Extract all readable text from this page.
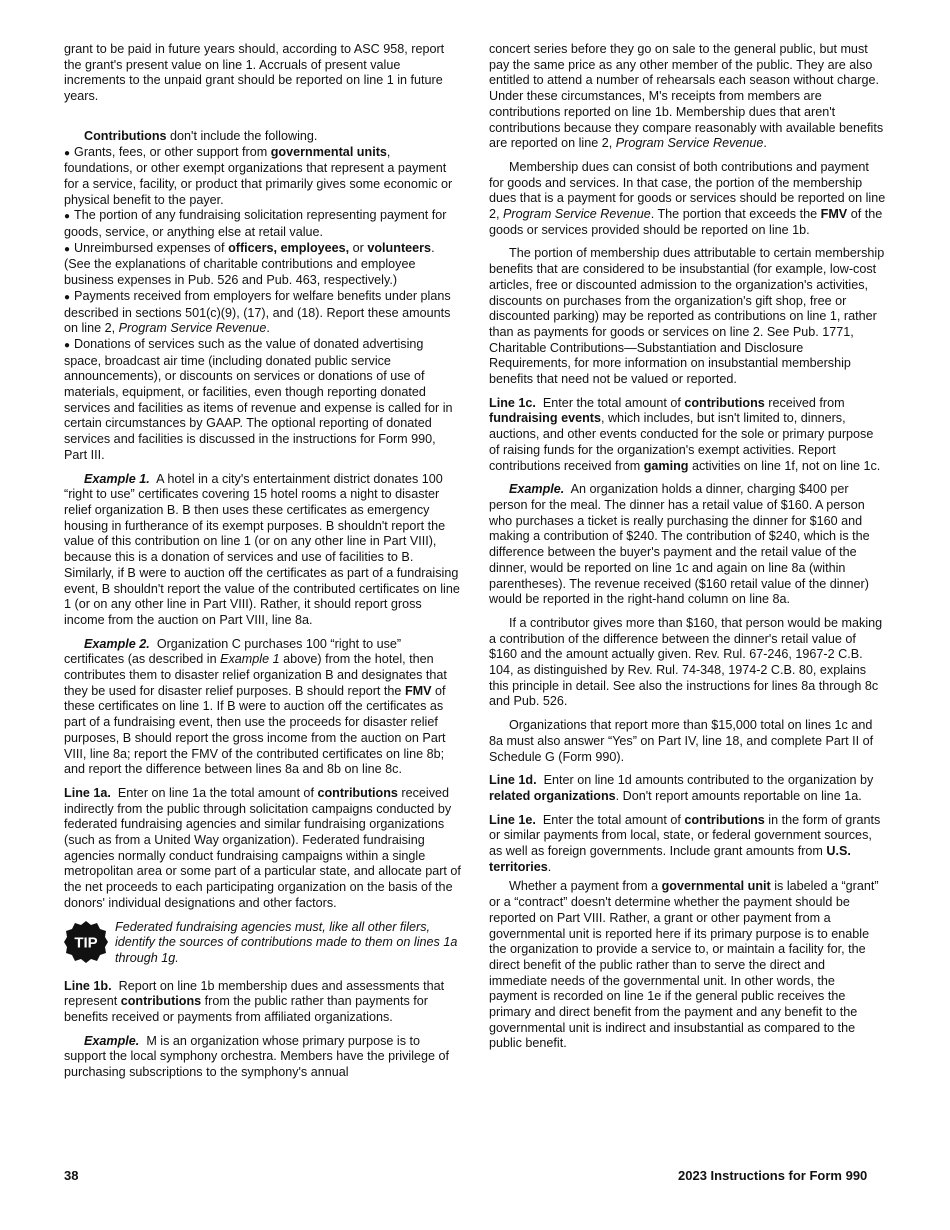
grant to be paid in future years should, according to ASC 958, report the grant's present value on line 1. Accruals of present value increments to the unpaid grant should be reported on line 1 in future years.

Contributions don't include the following.

● Grants, fees, or other support from governmental units, foundations, or other exempt organizations that represent a payment for a service, facility, or product that primarily gives some economic or physical benefit to the payer.

● The portion of any fundraising solicitation representing payment for goods, service, or anything else at retail value.

● Unreimbursed expenses of officers, employees, or volunteers. (See the explanations of charitable contributions and employee business expenses in Pub. 526 and Pub. 463, respectively.)

● Payments received from employers for welfare benefits under plans described in sections 501(c)(9), (17), and (18). Report these amounts on line 2, Program Service Revenue.

● Donations of services such as the value of donated advertising space, broadcast air time (including donated public service announcements), or discounts on services or donations of use of materials, equipment, or facilities, even though reporting donated services and facilities as items of revenue and expense is called for in certain circumstances by GAAP. The optional reporting of donated services and facilities is discussed in the instructions for Form 990, Part III.

Example 1. A hotel in a city's entertainment district donates 100 “right to use” certificates covering 15 hotel rooms a night to disaster relief organization B. B then uses these certificates as emergency housing in furtherance of its exempt purposes. B shouldn't report the value of this contribution on line 1 (or on any other line in Part VIII), because this is a donation of services and use of facilities to B. Similarly, if B were to auction off the certificates as part of a fundraising event, B shouldn't report the value of the contributed certificates on line 1 (or on any other line in Part VIII). Rather, it should report gross income from the auction on Part VIII, line 8a.

Example 2. Organization C purchases 100 “right to use” certificates (as described in Example 1 above) from the hotel, then contributes them to disaster relief organization B and designates that they be used for disaster relief purposes. B should report the FMV of these certificates on line 1. If B were to auction off the certificates as part of a fundraising event, then use the proceeds for disaster relief purposes, B should report the gross income from the auction on Part VIII, line 8a; report the FMV of the contributed certificates on line 8b; and report the difference between lines 8a and 8b on line 8c.

Line 1a. Enter on line 1a the total amount of contributions received indirectly from the public through solicitation campaigns conducted by federated fundraising agencies and similar fundraising organizations (such as from a United Way organization). Federated fundraising agencies normally conduct fundraising campaigns within a single metropolitan area or some part of a particular state, and allocate part of the net proceeds to each participating organization on the basis of the donors' individual designations and other factors.

TIP
Federated fundraising agencies must, like all other filers, identify the sources of contributions made to them on lines 1a through 1g.

Line 1b. Report on line 1b membership dues and assessments that represent contributions from the public rather than payments for benefits received or payments from affiliated organizations.

Example. M is an organization whose primary purpose is to support the local symphony orchestra. Members have the privilege of purchasing subscriptions to the symphony's annual

concert series before they go on sale to the general public, but must pay the same price as any other member of the public. They are also entitled to attend a number of rehearsals each season without charge. Under these circumstances, M's receipts from members are contributions reported on line 1b. Membership dues that aren't contributions because they compare reasonably with available benefits are reported on line 2, Program Service Revenue.

Membership dues can consist of both contributions and payment for goods and services. In that case, the portion of the membership dues that is a payment for goods or services should be reported on line 2, Program Service Revenue. The portion that exceeds the FMV of the goods or services provided should be reported on line 1b.

The portion of membership dues attributable to certain membership benefits that are considered to be insubstantial (for example, low-cost articles, free or discounted admission to the organization's activities, discounts on purchases from the organization's gift shop, free or discounted parking) may be reported as contributions on line 1, rather than as payments for goods or services on line 2. See Pub. 1771, Charitable Contributions—Substantiation and Disclosure Requirements, for more information on insubstantial membership benefits that need not be valued or reported.

Line 1c. Enter the total amount of contributions received from fundraising events, which includes, but isn't limited to, dinners, auctions, and other events conducted for the sole or primary purpose of raising funds for the organization's exempt activities. Report contributions received from gaming activities on line 1f, not on line 1c.

Example. An organization holds a dinner, charging $400 per person for the meal. The dinner has a retail value of $160. A person who purchases a ticket is really purchasing the dinner for $160 and making a contribution of $240. The contribution of $240, which is the difference between the buyer's payment and the retail value of the dinner, would be reported on line 1c and again on line 8a (within parentheses). The revenue received ($160 retail value of the dinner) would be reported in the right-hand column on line 8a.

If a contributor gives more than $160, that person would be making a contribution of the difference between the dinner's retail value of $160 and the amount actually given. Rev. Rul. 67-246, 1967-2 C.B. 104, as distinguished by Rev. Rul. 74-348, 1974-2 C.B. 80, explains this principle in detail. See also the instructions for lines 8a through 8c and Pub. 526.

Organizations that report more than $15,000 total on lines 1c and 8a must also answer “Yes” on Part IV, line 18, and complete Part II of Schedule G (Form 990).

Line 1d. Enter on line 1d amounts contributed to the organization by related organizations. Don't report amounts reportable on line 1a.

Line 1e. Enter the total amount of contributions in the form of grants or similar payments from local, state, or federal government sources, as well as foreign governments. Include grant amounts from U.S. territories.

Whether a payment from a governmental unit is labeled a “grant” or a “contract” doesn't determine whether the payment should be reported on Part VIII. Rather, a grant or other payment from a governmental unit is reported here if its primary purpose is to enable the organization to provide a service to, or maintain a facility for, the direct benefit of the public rather than to serve the direct and immediate needs of the governmental unit. In other words, the payment is recorded on line 1e if the general public receives the primary and direct benefit from the payment and any benefit to the governmental unit is indirect and insubstantial as compared to the public benefit.

38	2023 Instructions for Form 990
